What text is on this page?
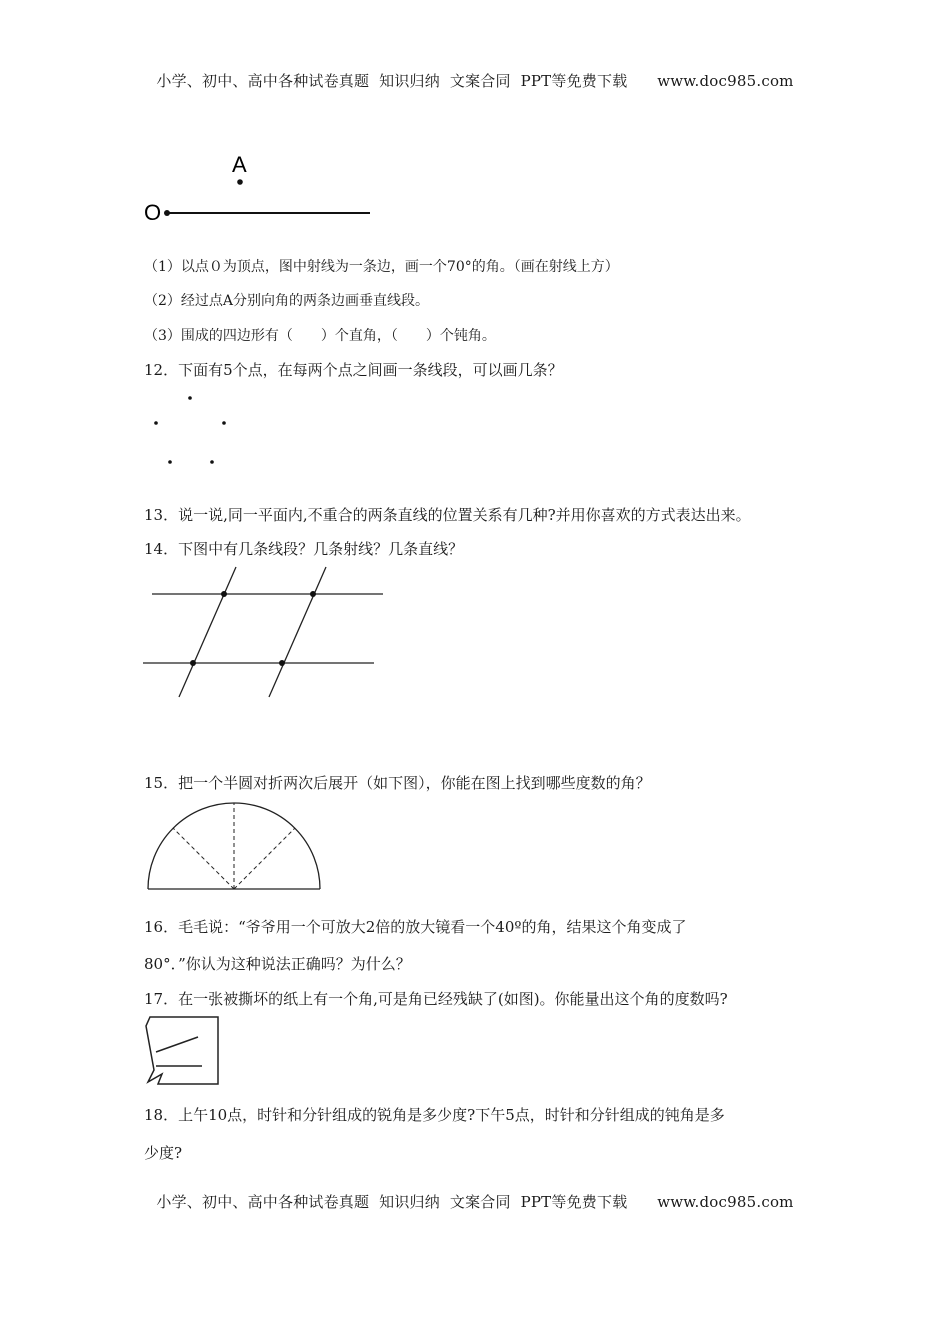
小学、初中、高中各种试卷真题  知识归纳  文案合同  PPT等免费下载      www.doc985.com
A
O
（1）以点０为顶点，图中射线为一条边，画一个70°的角。（画在射线上方）
（2）经过点A分别向角的两条边画垂直线段。
（3）围成的四边形有（　　）个直角，（　　）个钝角。
12．下面有5个点，在每两个点之间画一条线段，可以画几条？
13．说一说,同一平面内,不重合的两条直线的位置关系有几种?并用你喜欢的方式表达出来。
14．下图中有几条线段？几条射线？几条直线？
15．把一个半圆对折两次后展开（如下图），你能在图上找到哪些度数的角？
16．毛毛说：“爷爷用一个可放大2倍的放大镜看一个40º的角，结果这个角变成了
80°．”你认为这种说法正确吗？为什么？
17．在一张被撕坏的纸上有一个角,可是角已经残缺了(如图)。你能量出这个角的度数吗?
18．上午10点，时针和分针组成的锐角是多少度?下午5点，时针和分针组成的钝角是多
少度?
小学、初中、高中各种试卷真题  知识归纳  文案合同  PPT等免费下载      www.doc985.com
